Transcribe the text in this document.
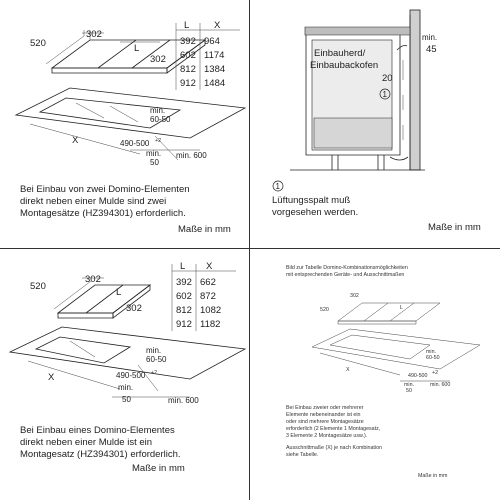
520
302
L
302
L	X
392 964
602 1174
812 1384
912 1484
min.
60-50
X	490-500 +2
min.
50
min. 600
Bei Einbau von zwei Domino-Elementen
direkt neben einer Mulde sind zwei
Montagesätze (HZ394301) erforderlich.
Maße in mm
Einbauherd/
Einbaubackofen
min.
45
20
1
1
Lüftungsspalt muß
vorgesehen werden.
Maße in mm
520
302
L
302
L X
392 662
602 872
812 1082
912 1182
min.
60-50
X	490-500 +2
min.
50	min. 600
Bei Einbau eines Domino-Elementes
direkt neben einer Mulde ist ein
Montagesatz (HZ394301) erforderlich.
Maße in mm
Bild zur Tabelle Domino-Kombinationsmöglichkeiten
mit entsprechenden Geräte- und Ausschnittmaßen
520
302
L
min.
60-50
X
490-500 +2
min.
50
min. 600
Bei Einbau zweier oder mehrerer
Elemente nebeneinander ist ein
oder sind mehrere Montagesätze
erforderlich (2 Elemente 1 Montagesatz,
3 Elemente 2 Montagesätze usw.).
Ausschnittmaße (X) je nach Kombination
siehe Tabelle.
Maße in mm
